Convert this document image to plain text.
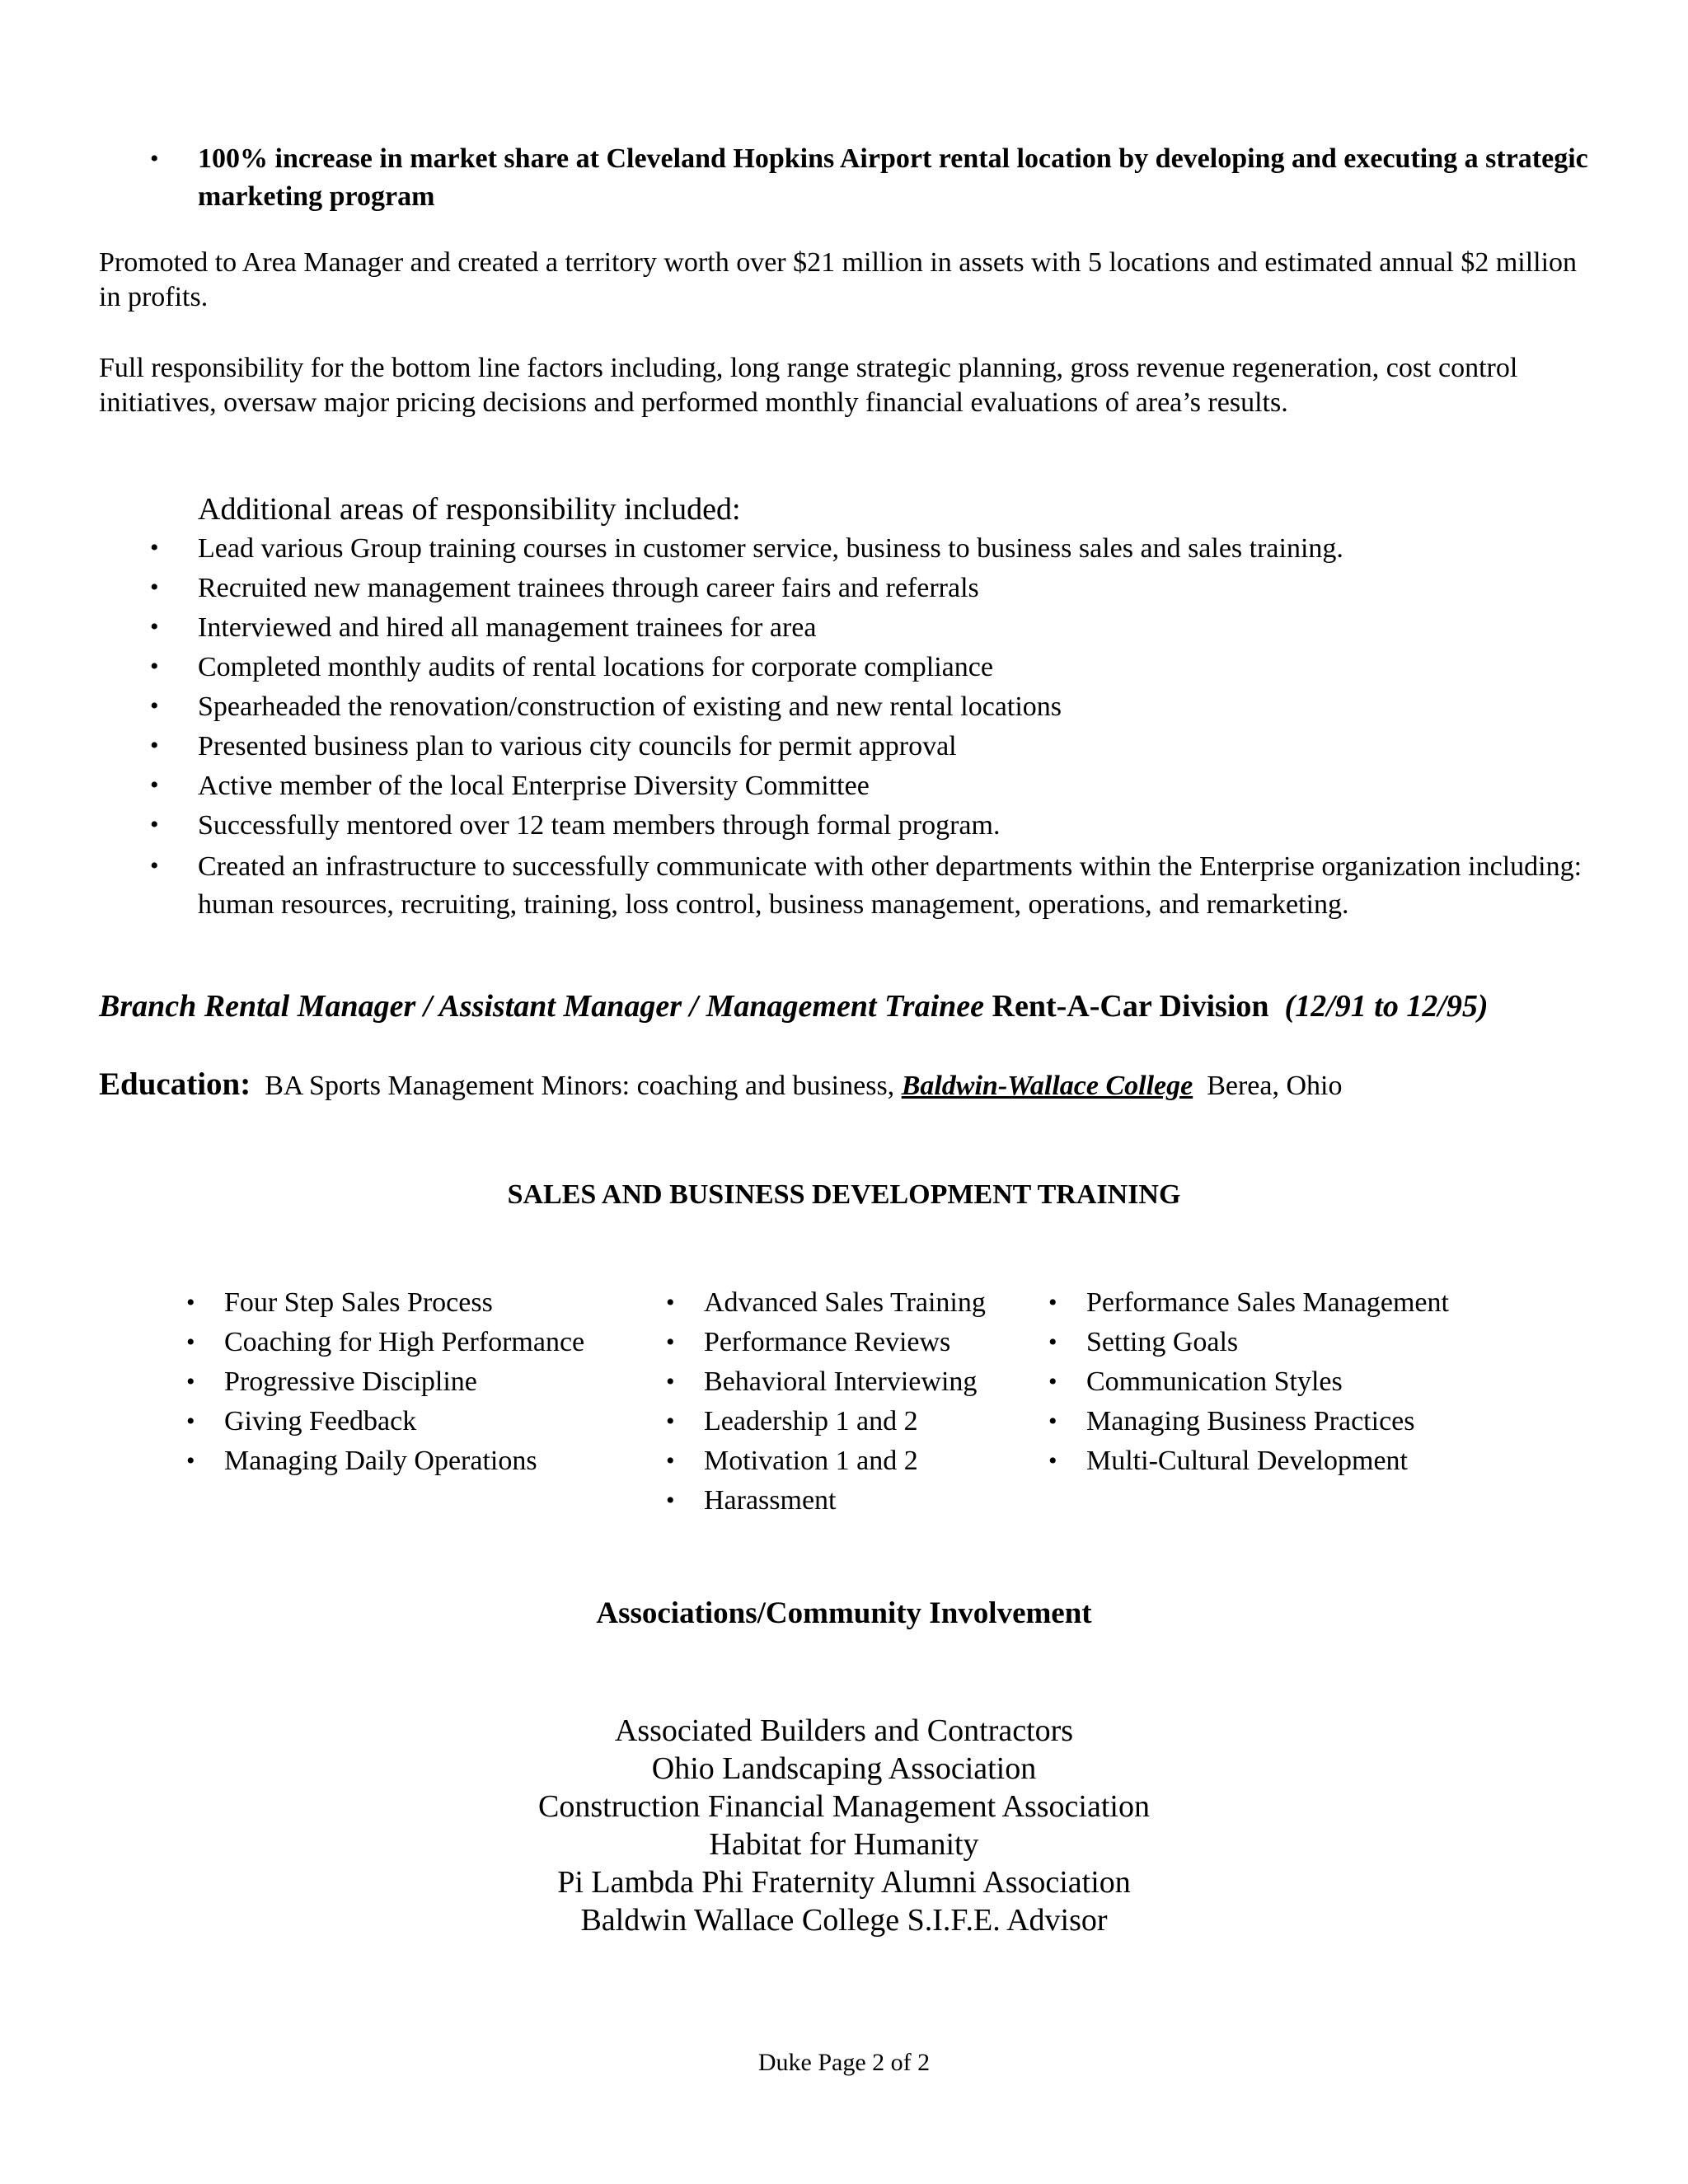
• 100% increase in market share at Cleveland Hopkins Airport rental location by developing and executing a strategic marketing program
Promoted to Area Manager and created a territory worth over $21 million in assets with 5 locations and estimated annual $2 million in profits.
Full responsibility for the bottom line factors including, long range strategic planning, gross revenue regeneration, cost control initiatives, oversaw major pricing decisions and performed monthly financial evaluations of area’s results.
Additional areas of responsibility included:
• Lead various Group training courses in customer service, business to business sales and sales training.
• Recruited new management trainees through career fairs and referrals
• Interviewed and hired all management trainees for area
• Completed monthly audits of rental locations for corporate compliance
• Spearheaded the renovation/construction of existing and new rental locations
• Presented business plan to various city councils for permit approval
• Active member of the local Enterprise Diversity Committee
• Successfully mentored over 12 team members through formal program.
• Created an infrastructure to successfully communicate with other departments within the Enterprise organization including: human resources, recruiting, training, loss control, business management, operations, and remarketing.
Branch Rental Manager / Assistant Manager / Management Trainee Rent-A-Car Division (12/91 to 12/95)
Education: BA Sports Management Minors: coaching and business, Baldwin-Wallace College Berea, Ohio
SALES AND BUSINESS DEVELOPMENT TRAINING
• Four Step Sales Process
• Coaching for High Performance
• Progressive Discipline
• Giving Feedback
• Managing Daily Operations
• Advanced Sales Training
• Performance Reviews
• Behavioral Interviewing
• Leadership 1 and 2
• Motivation 1 and 2
• Harassment
• Performance Sales Management
• Setting Goals
• Communication Styles
• Managing Business Practices
• Multi-Cultural Development
Associations/Community Involvement
Associated Builders and Contractors
Ohio Landscaping Association
Construction Financial Management Association
Habitat for Humanity
Pi Lambda Phi Fraternity Alumni Association
Baldwin Wallace College S.I.F.E. Advisor
Duke Page 2 of 2
